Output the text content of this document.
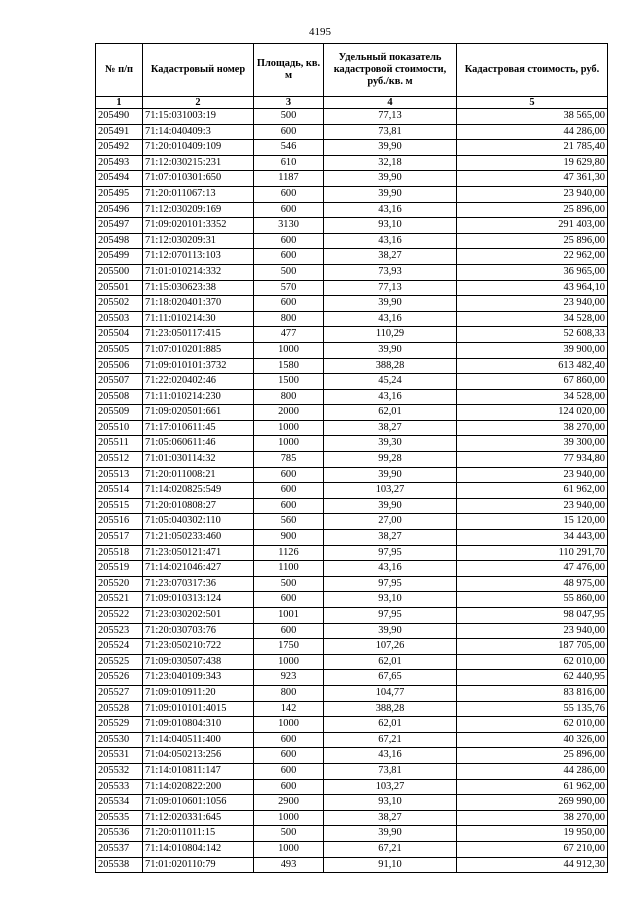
4195
№ п/п	Кадастровый номер	Площадь, кв. м	Удельный показатель кадастровой стоимости, руб./кв. м	Кадастровая стоимость, руб.
1	2	3	4	5
205490	71:15:031003:19	500	77,13	38 565,00
205491	71:14:040409:3	600	73,81	44 286,00
205492	71:20:010409:109	546	39,90	21 785,40
205493	71:12:030215:231	610	32,18	19 629,80
205494	71:07:010301:650	1187	39,90	47 361,30
205495	71:20:011067:13	600	39,90	23 940,00
205496	71:12:030209:169	600	43,16	25 896,00
205497	71:09:020101:3352	3130	93,10	291 403,00
205498	71:12:030209:31	600	43,16	25 896,00
205499	71:12:070113:103	600	38,27	22 962,00
205500	71:01:010214:332	500	73,93	36 965,00
205501	71:15:030623:38	570	77,13	43 964,10
205502	71:18:020401:370	600	39,90	23 940,00
205503	71:11:010214:30	800	43,16	34 528,00
205504	71:23:050117:415	477	110,29	52 608,33
205505	71:07:010201:885	1000	39,90	39 900,00
205506	71:09:010101:3732	1580	388,28	613 482,40
205507	71:22:020402:46	1500	45,24	67 860,00
205508	71:11:010214:230	800	43,16	34 528,00
205509	71:09:020501:661	2000	62,01	124 020,00
205510	71:17:010611:45	1000	38,27	38 270,00
205511	71:05:060611:46	1000	39,30	39 300,00
205512	71:01:030114:32	785	99,28	77 934,80
205513	71:20:011008:21	600	39,90	23 940,00
205514	71:14:020825:549	600	103,27	61 962,00
205515	71:20:010808:27	600	39,90	23 940,00
205516	71:05:040302:110	560	27,00	15 120,00
205517	71:21:050233:460	900	38,27	34 443,00
205518	71:23:050121:471	1126	97,95	110 291,70
205519	71:14:021046:427	1100	43,16	47 476,00
205520	71:23:070317:36	500	97,95	48 975,00
205521	71:09:010313:124	600	93,10	55 860,00
205522	71:23:030202:501	1001	97,95	98 047,95
205523	71:20:030703:76	600	39,90	23 940,00
205524	71:23:050210:722	1750	107,26	187 705,00
205525	71:09:030507:438	1000	62,01	62 010,00
205526	71:23:040109:343	923	67,65	62 440,95
205527	71:09:010911:20	800	104,77	83 816,00
205528	71:09:010101:4015	142	388,28	55 135,76
205529	71:09:010804:310	1000	62,01	62 010,00
205530	71:14:040511:400	600	67,21	40 326,00
205531	71:04:050213:256	600	43,16	25 896,00
205532	71:14:010811:147	600	73,81	44 286,00
205533	71:14:020822:200	600	103,27	61 962,00
205534	71:09:010601:1056	2900	93,10	269 990,00
205535	71:12:020331:645	1000	38,27	38 270,00
205536	71:20:011011:15	500	39,90	19 950,00
205537	71:14:010804:142	1000	67,21	67 210,00
205538	71:01:020110:79	493	91,10	44 912,30
